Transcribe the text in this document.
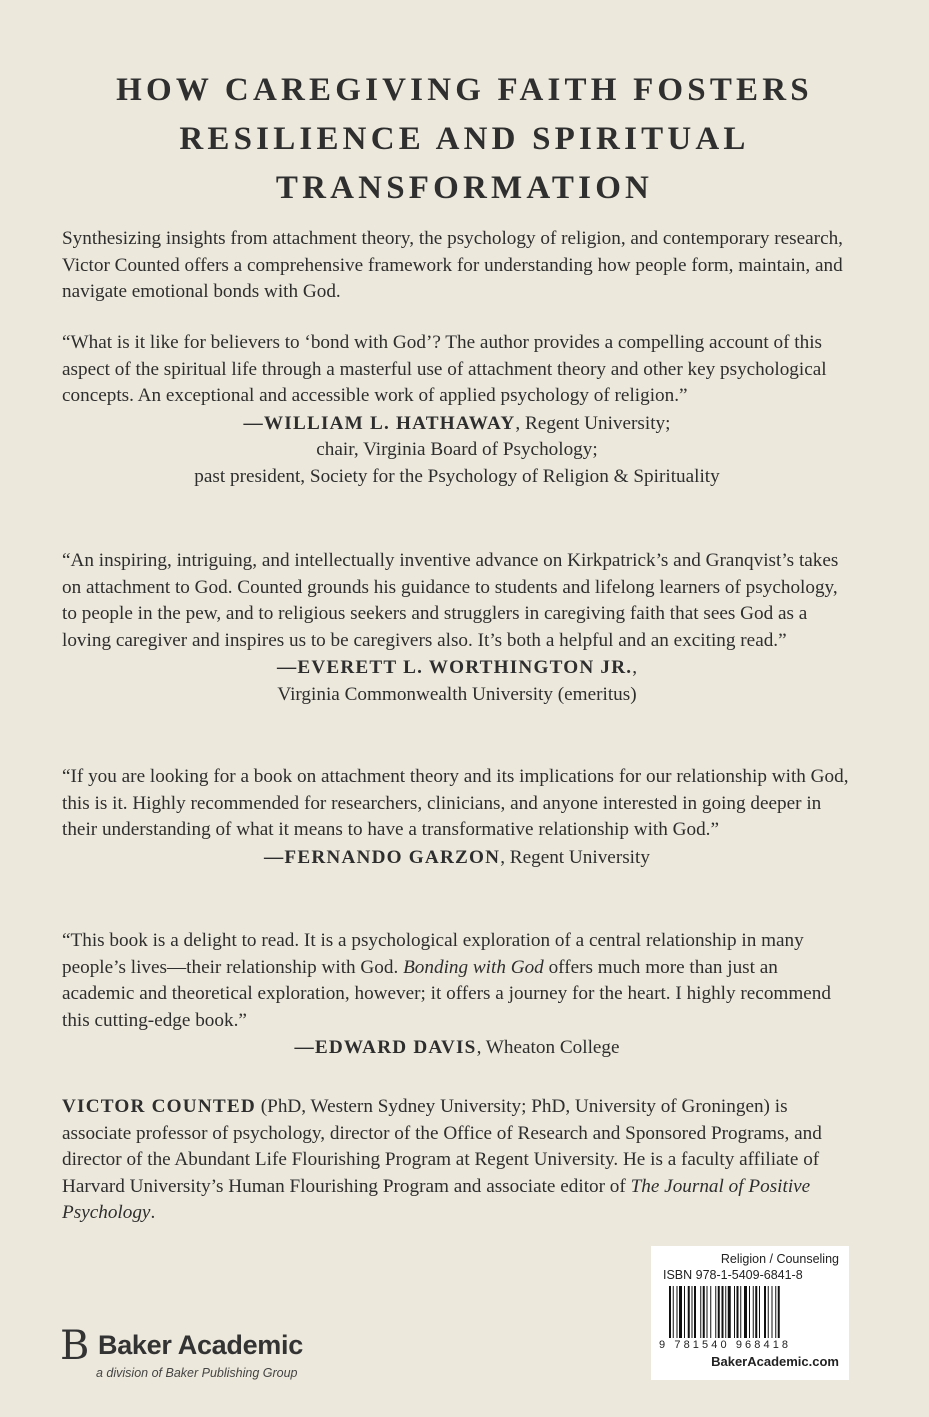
HOW CAREGIVING FAITH FOSTERS
RESILIENCE AND SPIRITUAL
TRANSFORMATION

Synthesizing insights from attachment theory, the psychology of religion, and contemporary research, Victor Counted offers a comprehensive framework for understanding how people form, maintain, and navigate emotional bonds with God.

“What is it like for believers to ‘bond with God’? The author provides a compelling account of this aspect of the spiritual life through a masterful use of attachment theory and other key psychological concepts. An exceptional and accessible work of applied psychology of religion.”

—WILLIAM L. HATHAWAY, Regent University;
chair, Virginia Board of Psychology;
past president, Society for the Psychology of Religion & Spirituality

“An inspiring, intriguing, and intellectually inventive advance on Kirkpatrick’s and Granqvist’s takes on attachment to God. Counted grounds his guidance to students and lifelong learners of psychology, to people in the pew, and to religious seekers and strugglers in caregiving faith that sees God as a loving caregiver and inspires us to be caregivers also. It’s both a helpful and an exciting read.”

—EVERETT L. WORTHINGTON JR.,
Virginia Commonwealth University (emeritus)

“If you are looking for a book on attachment theory and its implications for our relationship with God, this is it. Highly recommended for researchers, clinicians, and anyone interested in going deeper in their understanding of what it means to have a transformative relationship with God.”

—FERNANDO GARZON, Regent University

“This book is a delight to read. It is a psychological exploration of a central relationship in many people’s lives—their relationship with God. Bonding with God offers much more than just an academic and theoretical exploration, however; it offers a journey for the heart. I highly recommend this cutting-edge book.”

—EDWARD DAVIS, Wheaton College

VICTOR COUNTED (PhD, Western Sydney University; PhD, University of Groningen) is associate professor of psychology, director of the Office of Research and Sponsored Programs, and director of the Abundant Life Flourishing Program at Regent University. He is a faculty affiliate of Harvard University’s Human Flourishing Program and associate editor of The Journal of Positive Psychology.

B Baker Academic
a division of Baker Publishing Group
Religion / Counseling
ISBN 978-1-5409-6841-8
9 781540 968418
BakerAcademic.com
